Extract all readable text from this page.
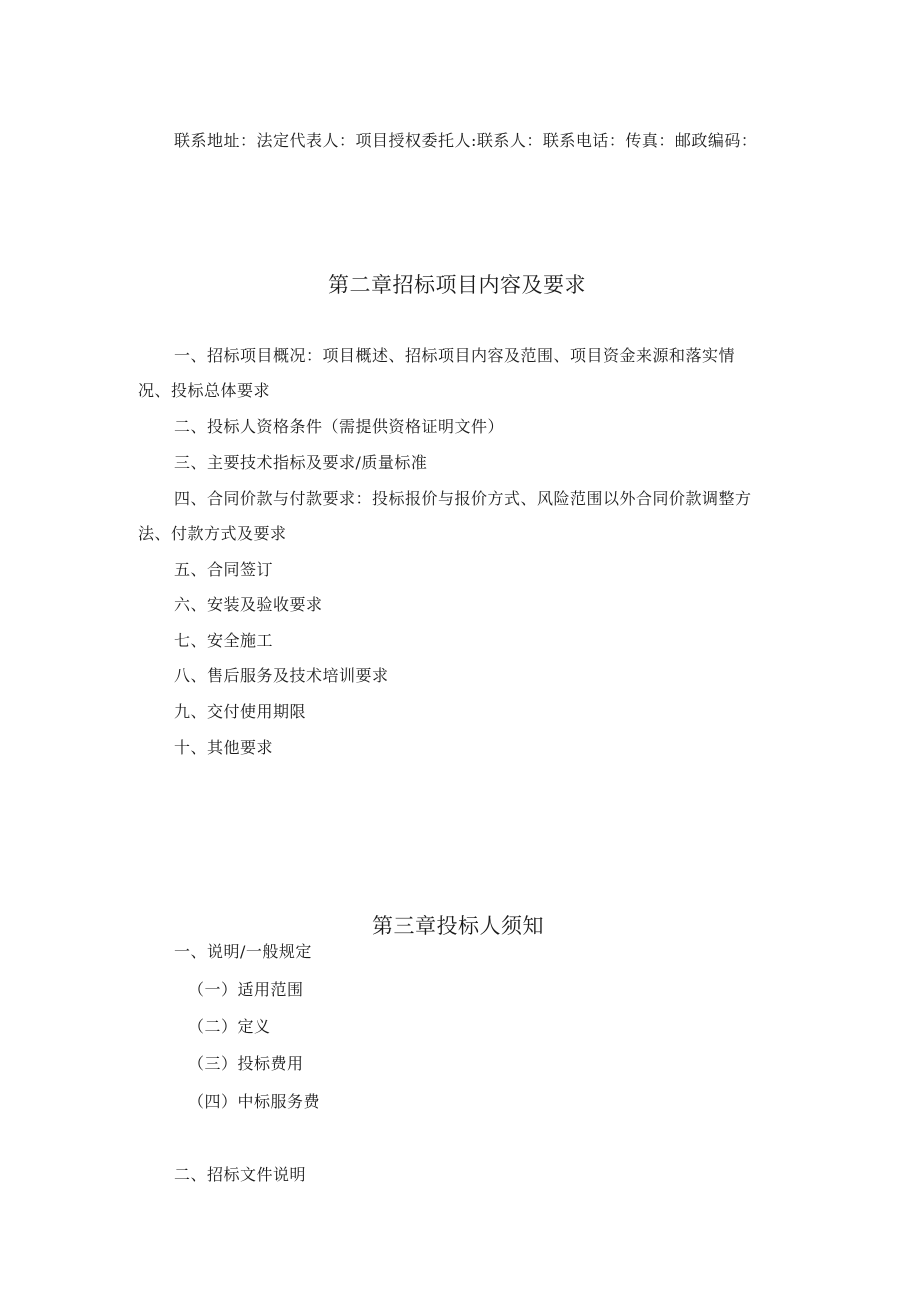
联系地址：法定代表人：项目授权委托人:联系人：联系电话：传真：邮政编码：
第二章招标项目内容及要求
一、招标项目概况：项目概述、招标项目内容及范围、项目资金来源和落实情
况、投标总体要求
二、投标人资格条件（需提供资格证明文件）
三、主要技术指标及要求/质量标准
四、合同价款与付款要求：投标报价与报价方式、风险范围以外合同价款调整方
法、付款方式及要求
五、合同签订
六、安装及验收要求
七、安全施工
八、售后服务及技术培训要求
九、交付使用期限
十、其他要求
第三章投标人须知
一、说明/一般规定
（一）适用范围
（二）定义
（三）投标费用
（四）中标服务费
二、招标文件说明
